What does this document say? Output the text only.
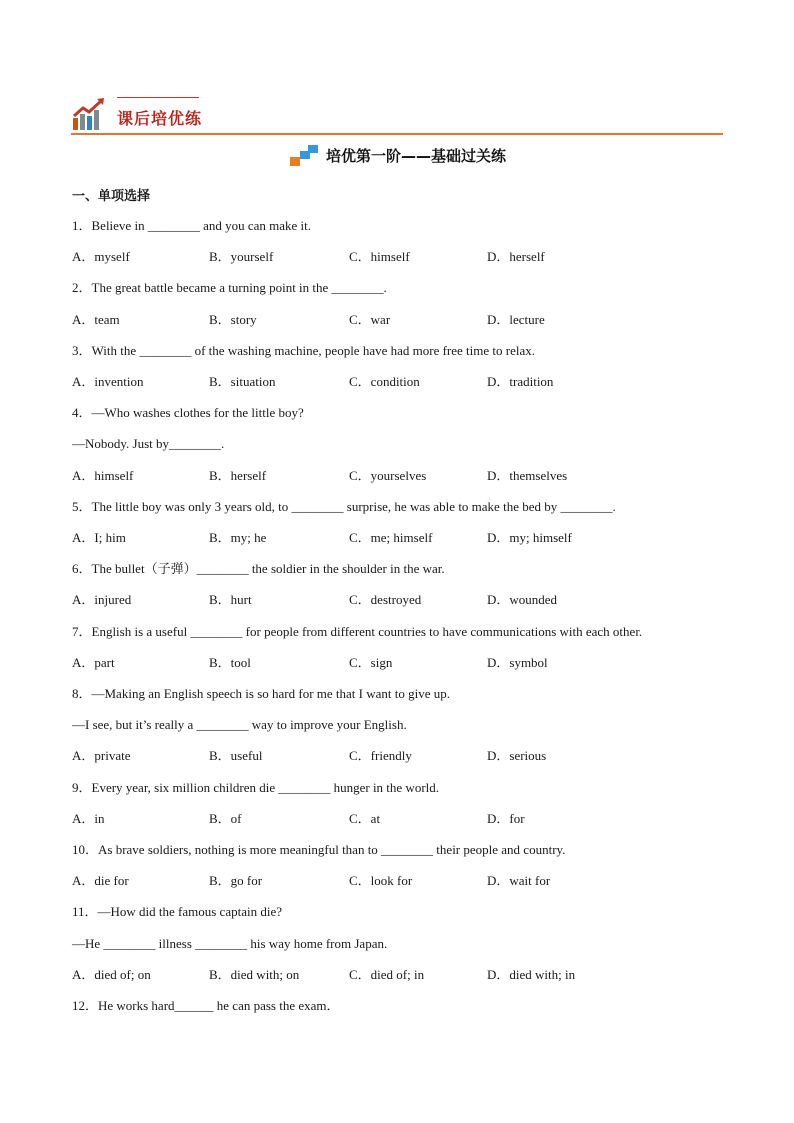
课后培优练
培优第一阶——基础过关练
一、单项选择
1．Believe in ________ and you can make it.
A．myself	B．yourself	C．himself	D．herself
2．The great battle became a turning point in the ________.
A．team	B．story	C．war	D．lecture
3．With the ________ of the washing machine, people have had more free time to relax.
A．invention	B．situation	C．condition	D．tradition
4．—Who washes clothes for the little boy?
—Nobody. Just by________.
A．himself	B．herself	C．yourselves	D．themselves
5．The little boy was only 3 years old, to ________ surprise, he was able to make the bed by ________.
A．I; him	B．my; he	C．me; himself	D．my; himself
6．The bullet（子弹）________ the soldier in the shoulder in the war.
A．injured	B．hurt	C．destroyed	D．wounded
7．English is a useful ________ for people from different countries to have communications with each other.
A．part	B．tool	C．sign	D．symbol
8．—Making an English speech is so hard for me that I want to give up.
—I see, but it’s really a ________ way to improve your English.
A．private	B．useful	C．friendly	D．serious
9．Every year, six million children die ________ hunger in the world.
A．in	B．of	C．at	D．for
10．As brave soldiers, nothing is more meaningful than to ________ their people and country.
A．die for	B．go for	C．look for	D．wait for
11．—How did the famous captain die?
—He ________ illness ________ his way home from Japan.
A．died of; on	B．died with; on	C．died of; in	D．died with; in
12．He works hard______ he can pass the exam．
